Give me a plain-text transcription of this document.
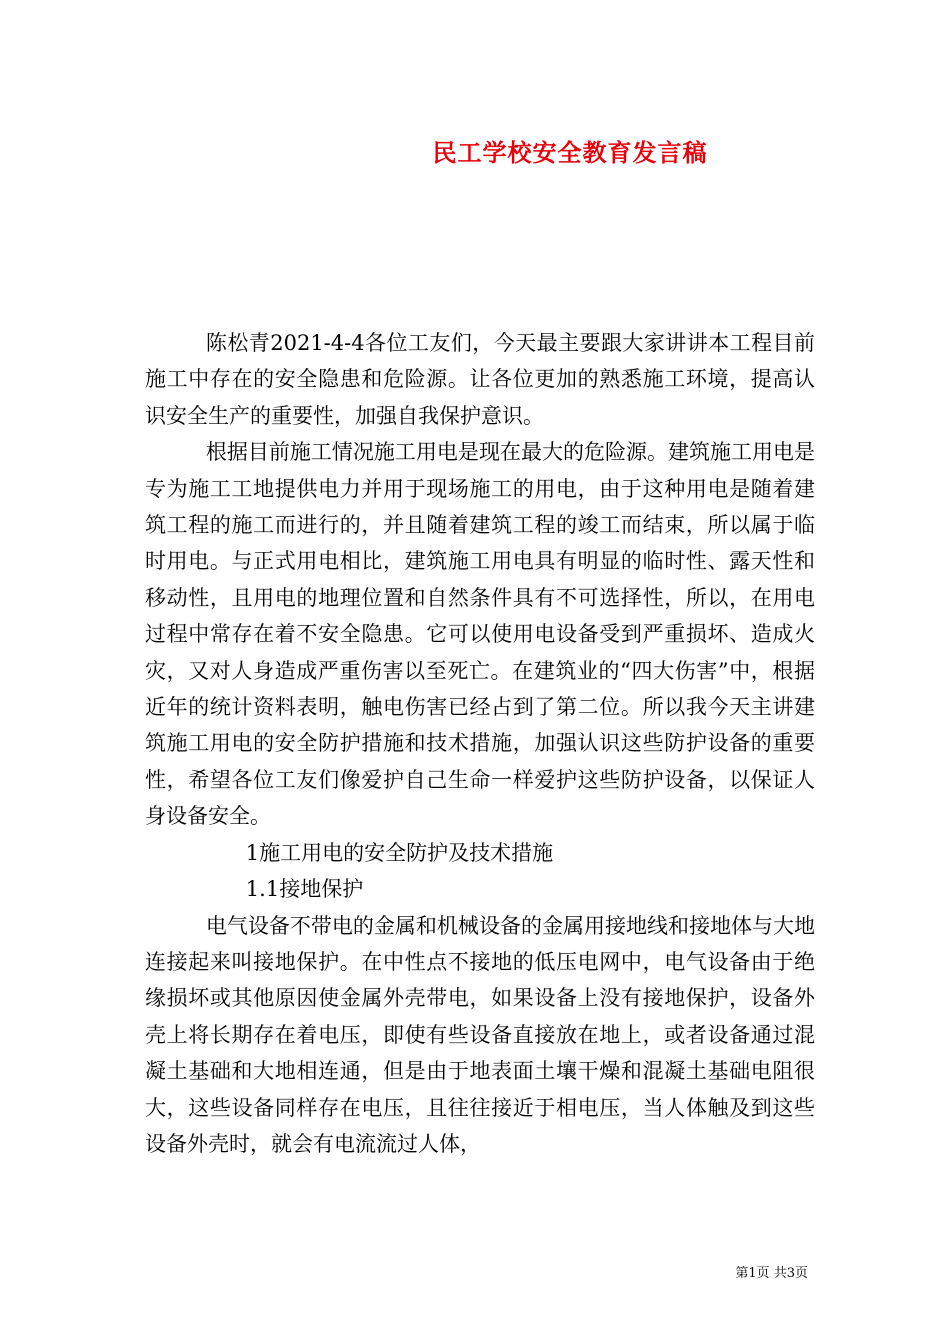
民工学校安全教育发言稿

陈松青2021-4-4各位工友们，今天最主要跟大家讲讲本工程目前施工中存在的安全隐患和危险源。让各位更加的熟悉施工环境，提高认识安全生产的重要性，加强自我保护意识。

根据目前施工情况施工用电是现在最大的危险源。建筑施工用电是专为施工工地提供电力并用于现场施工的用电，由于这种用电是随着建筑工程的施工而进行的，并且随着建筑工程的竣工而结束，所以属于临时用电。与正式用电相比，建筑施工用电具有明显的临时性、露天性和移动性，且用电的地理位置和自然条件具有不可选择性，所以，在用电过程中常存在着不安全隐患。它可以使用电设备受到严重损坏、造成火灾，又对人身造成严重伤害以至死亡。在建筑业的“四大伤害”中，根据近年的统计资料表明，触电伤害已经占到了第二位。所以我今天主讲建筑施工用电的安全防护措施和技术措施，加强认识这些防护设备的重要性，希望各位工友们像爱护自己生命一样爱护这些防护设备，以保证人身设备安全。

1施工用电的安全防护及技术措施

1.1接地保护

电气设备不带电的金属和机械设备的金属用接地线和接地体与大地连接起来叫接地保护。在中性点不接地的低压电网中，电气设备由于绝缘损坏或其他原因使金属外壳带电，如果设备上没有接地保护，设备外壳上将长期存在着电压，即使有些设备直接放在地上，或者设备通过混凝土基础和大地相连通，但是由于地表面土壤干燥和混凝土基础电阻很大，这些设备同样存在电压，且往往接近于相电压，当人体触及到这些设备外壳时，就会有电流流过人体，

第1页 共3页
